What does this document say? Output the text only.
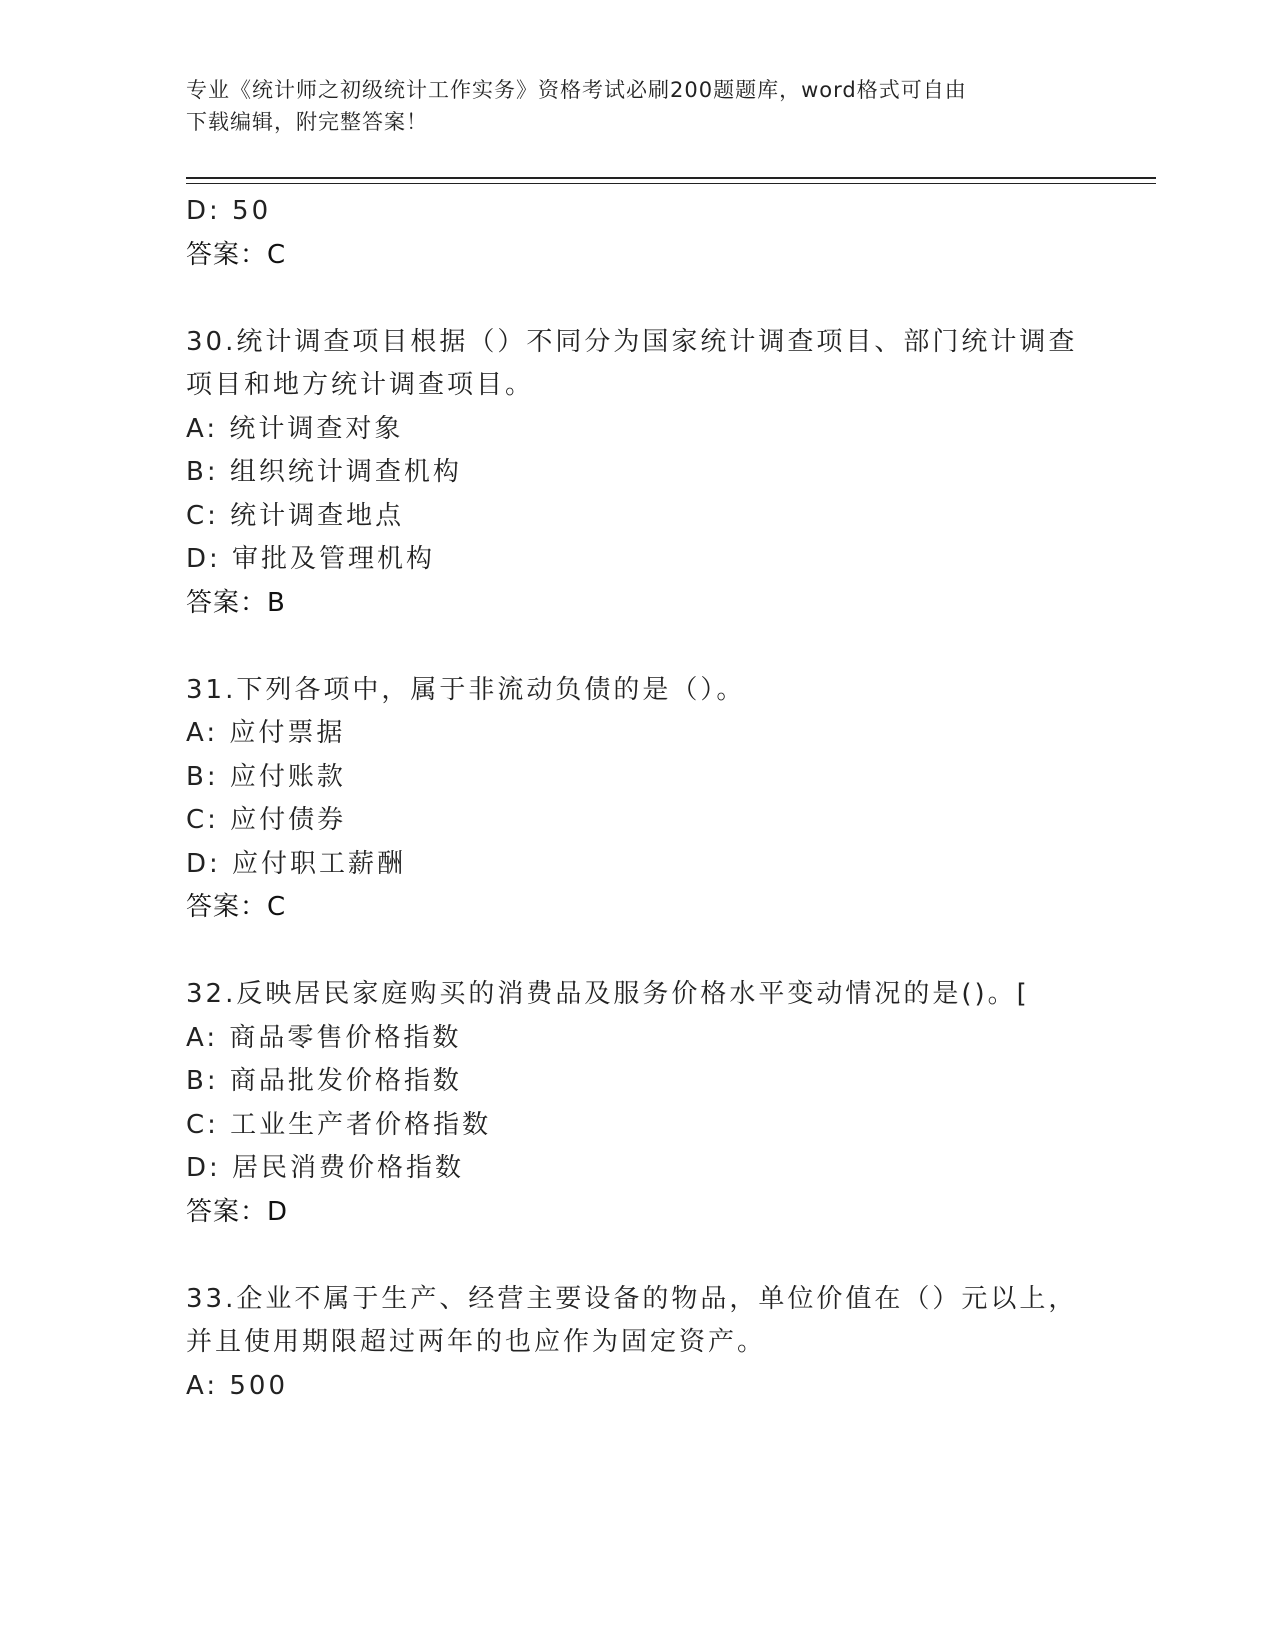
专业《统计师之初级统计工作实务》资格考试必刷200题题库，word格式可自由
下载编辑，附完整答案！
D: 50
答案：C
30.统计调查项目根据（）不同分为国家统计调查项目、部门统计调查
项目和地方统计调查项目。
A: 统计调查对象
B: 组织统计调查机构
C: 统计调查地点
D: 审批及管理机构
答案：B
31.下列各项中，属于非流动负债的是（）。
A: 应付票据
B: 应付账款
C: 应付债券
D: 应付职工薪酬
答案：C
32.反映居民家庭购买的消费品及服务价格水平变动情况的是()。[
A: 商品零售价格指数
B: 商品批发价格指数
C: 工业生产者价格指数
D: 居民消费价格指数
答案：D
33.企业不属于生产、经营主要设备的物品，单位价值在（）元以上，
并且使用期限超过两年的也应作为固定资产。
A: 500
